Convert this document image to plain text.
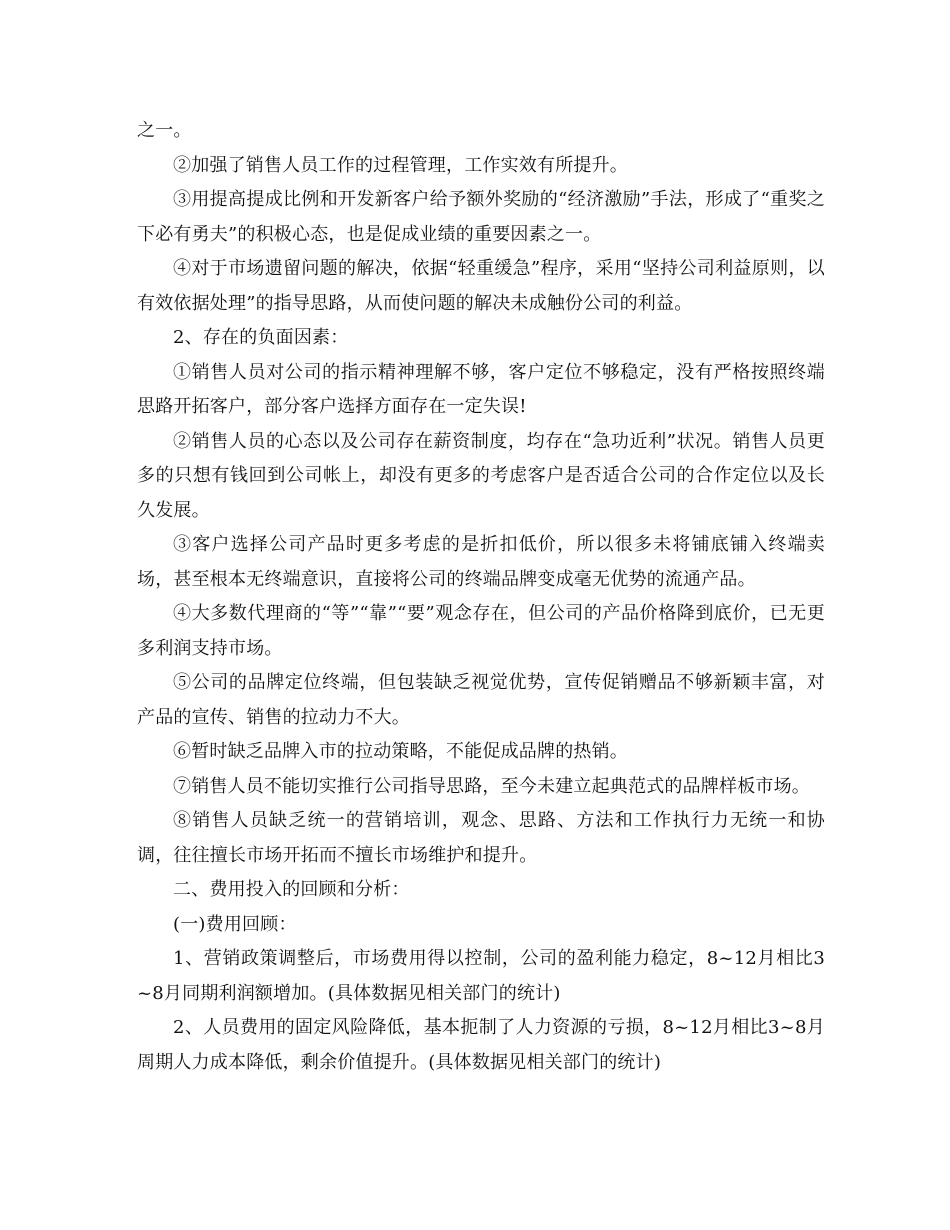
之一。

②加强了销售人员工作的过程管理，工作实效有所提升。

③用提高提成比例和开发新客户给予额外奖励的“经济激励”手法，形成了“重奖之下必有勇夫”的积极心态，也是促成业绩的重要因素之一。

④对于市场遗留问题的解决，依据“轻重缓急”程序，采用“坚持公司利益原则，以有效依据处理”的指导思路，从而使问题的解决未成触份公司的利益。

2、存在的负面因素：

①销售人员对公司的指示精神理解不够，客户定位不够稳定，没有严格按照终端思路开拓客户，部分客户选择方面存在一定失误!

②销售人员的心态以及公司存在薪资制度，均存在“急功近利”状况。销售人员更多的只想有钱回到公司帐上，却没有更多的考虑客户是否适合公司的合作定位以及长久发展。

③客户选择公司产品时更多考虑的是折扣低价，所以很多未将铺底铺入终端卖场，甚至根本无终端意识，直接将公司的终端品牌变成毫无优势的流通产品。

④大多数代理商的“等”“靠”“要”观念存在，但公司的产品价格降到底价，已无更多利润支持市场。

⑤公司的品牌定位终端，但包装缺乏视觉优势，宣传促销赠品不够新颖丰富，对产品的宣传、销售的拉动力不大。

⑥暂时缺乏品牌入市的拉动策略，不能促成品牌的热销。

⑦销售人员不能切实推行公司指导思路，至今未建立起典范式的品牌样板市场。

⑧销售人员缺乏统一的营销培训，观念、思路、方法和工作执行力无统一和协调，往往擅长市场开拓而不擅长市场维护和提升。

二、费用投入的回顾和分析：

(一)费用回顾：

1、营销政策调整后，市场费用得以控制，公司的盈利能力稳定，8~12月相比3~8月同期利润额增加。(具体数据见相关部门的统计)

2、人员费用的固定风险降低，基本扼制了人力资源的亏损，8~12月相比3~8月周期人力成本降低，剩余价值提升。(具体数据见相关部门的统计)
